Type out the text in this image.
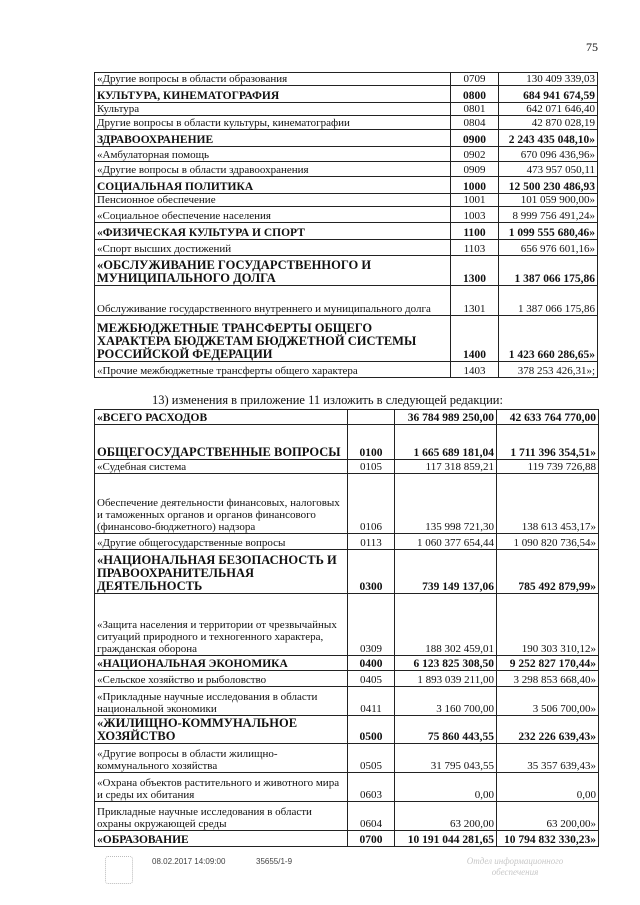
75
«Другие вопросы в области образования	0709	130 409 339,03
КУЛЬТУРА, КИНЕМАТОГРАФИЯ	0800	684 941 674,59
Культура	0801	642 071 646,40
Другие вопросы в области культуры, кинематографии	0804	42 870 028,19
ЗДРАВООХРАНЕНИЕ	0900	2 243 435 048,10»
«Амбулаторная помощь	0902	670 096 436,96»
«Другие вопросы в области здравоохранения	0909	473 957 050,11
СОЦИАЛЬНАЯ ПОЛИТИКА	1000	12 500 230 486,93
Пенсионное обеспечение	1001	101 059 900,00»
«Социальное обеспечение населения	1003	8 999 756 491,24»
«ФИЗИЧЕСКАЯ КУЛЬТУРА И СПОРТ	1100	1 099 555 680,46»
«Спорт высших достижений	1103	656 976 601,16»
«ОБСЛУЖИВАНИЕ ГОСУДАРСТВЕННОГО И МУНИЦИПАЛЬНОГО ДОЛГА	1300	1 387 066 175,86
Обслуживание государственного внутреннего и муниципального долга	1301	1 387 066 175,86
МЕЖБЮДЖЕТНЫЕ ТРАНСФЕРТЫ ОБЩЕГО ХАРАКТЕРА БЮДЖЕТАМ БЮДЖЕТНОЙ СИСТЕМЫ РОССИЙСКОЙ ФЕДЕРАЦИИ	1400	1 423 660 286,65»
«Прочие межбюджетные трансферты общего характера	1403	378 253 426,31»;
13) изменения в приложение 11 изложить в следующей редакции:
«ВСЕГО РАСХОДОВ		36 784 989 250,00	42 633 764 770,00
ОБЩЕГОСУДАРСТВЕННЫЕ ВОПРОСЫ	0100	1 665 689 181,04	1 711 396 354,51»
«Судебная система	0105	117 318 859,21	119 739 726,88
Обеспечение деятельности финансовых, налоговых и таможенных органов и органов финансового (финансово-бюджетного) надзора	0106	135 998 721,30	138 613 453,17»
«Другие общегосударственные вопросы	0113	1 060 377 654,44	1 090 820 736,54»
«НАЦИОНАЛЬНАЯ БЕЗОПАСНОСТЬ И ПРАВООХРАНИТЕЛЬНАЯ ДЕЯТЕЛЬНОСТЬ	0300	739 149 137,06	785 492 879,99»
«Защита населения и территории от чрезвычайных ситуаций природного и техногенного характера, гражданская оборона	0309	188 302 459,01	190 303 310,12»
«НАЦИОНАЛЬНАЯ ЭКОНОМИКА	0400	6 123 825 308,50	9 252 827 170,44»
«Сельское хозяйство и рыболовство	0405	1 893 039 211,00	3 298 853 668,40»
«Прикладные научные исследования в области национальной экономики	0411	3 160 700,00	3 506 700,00»
«ЖИЛИЩНО-КОММУНАЛЬНОЕ ХОЗЯЙСТВО	0500	75 860 443,55	232 226 639,43»
«Другие вопросы в области жилищно-коммунального хозяйства	0505	31 795 043,55	35 357 639,43»
«Охрана объектов растительного и животного мира и среды их обитания	0603	0,00	0,00
Прикладные научные исследования в области охраны окружающей среды	0604	63 200,00	63 200,00»
«ОБРАЗОВАНИЕ	0700	10 191 044 281,65	10 794 832 330,23»
08.02.2017 14:09:00	35655/1-9	Отдел информационного обеспечения
